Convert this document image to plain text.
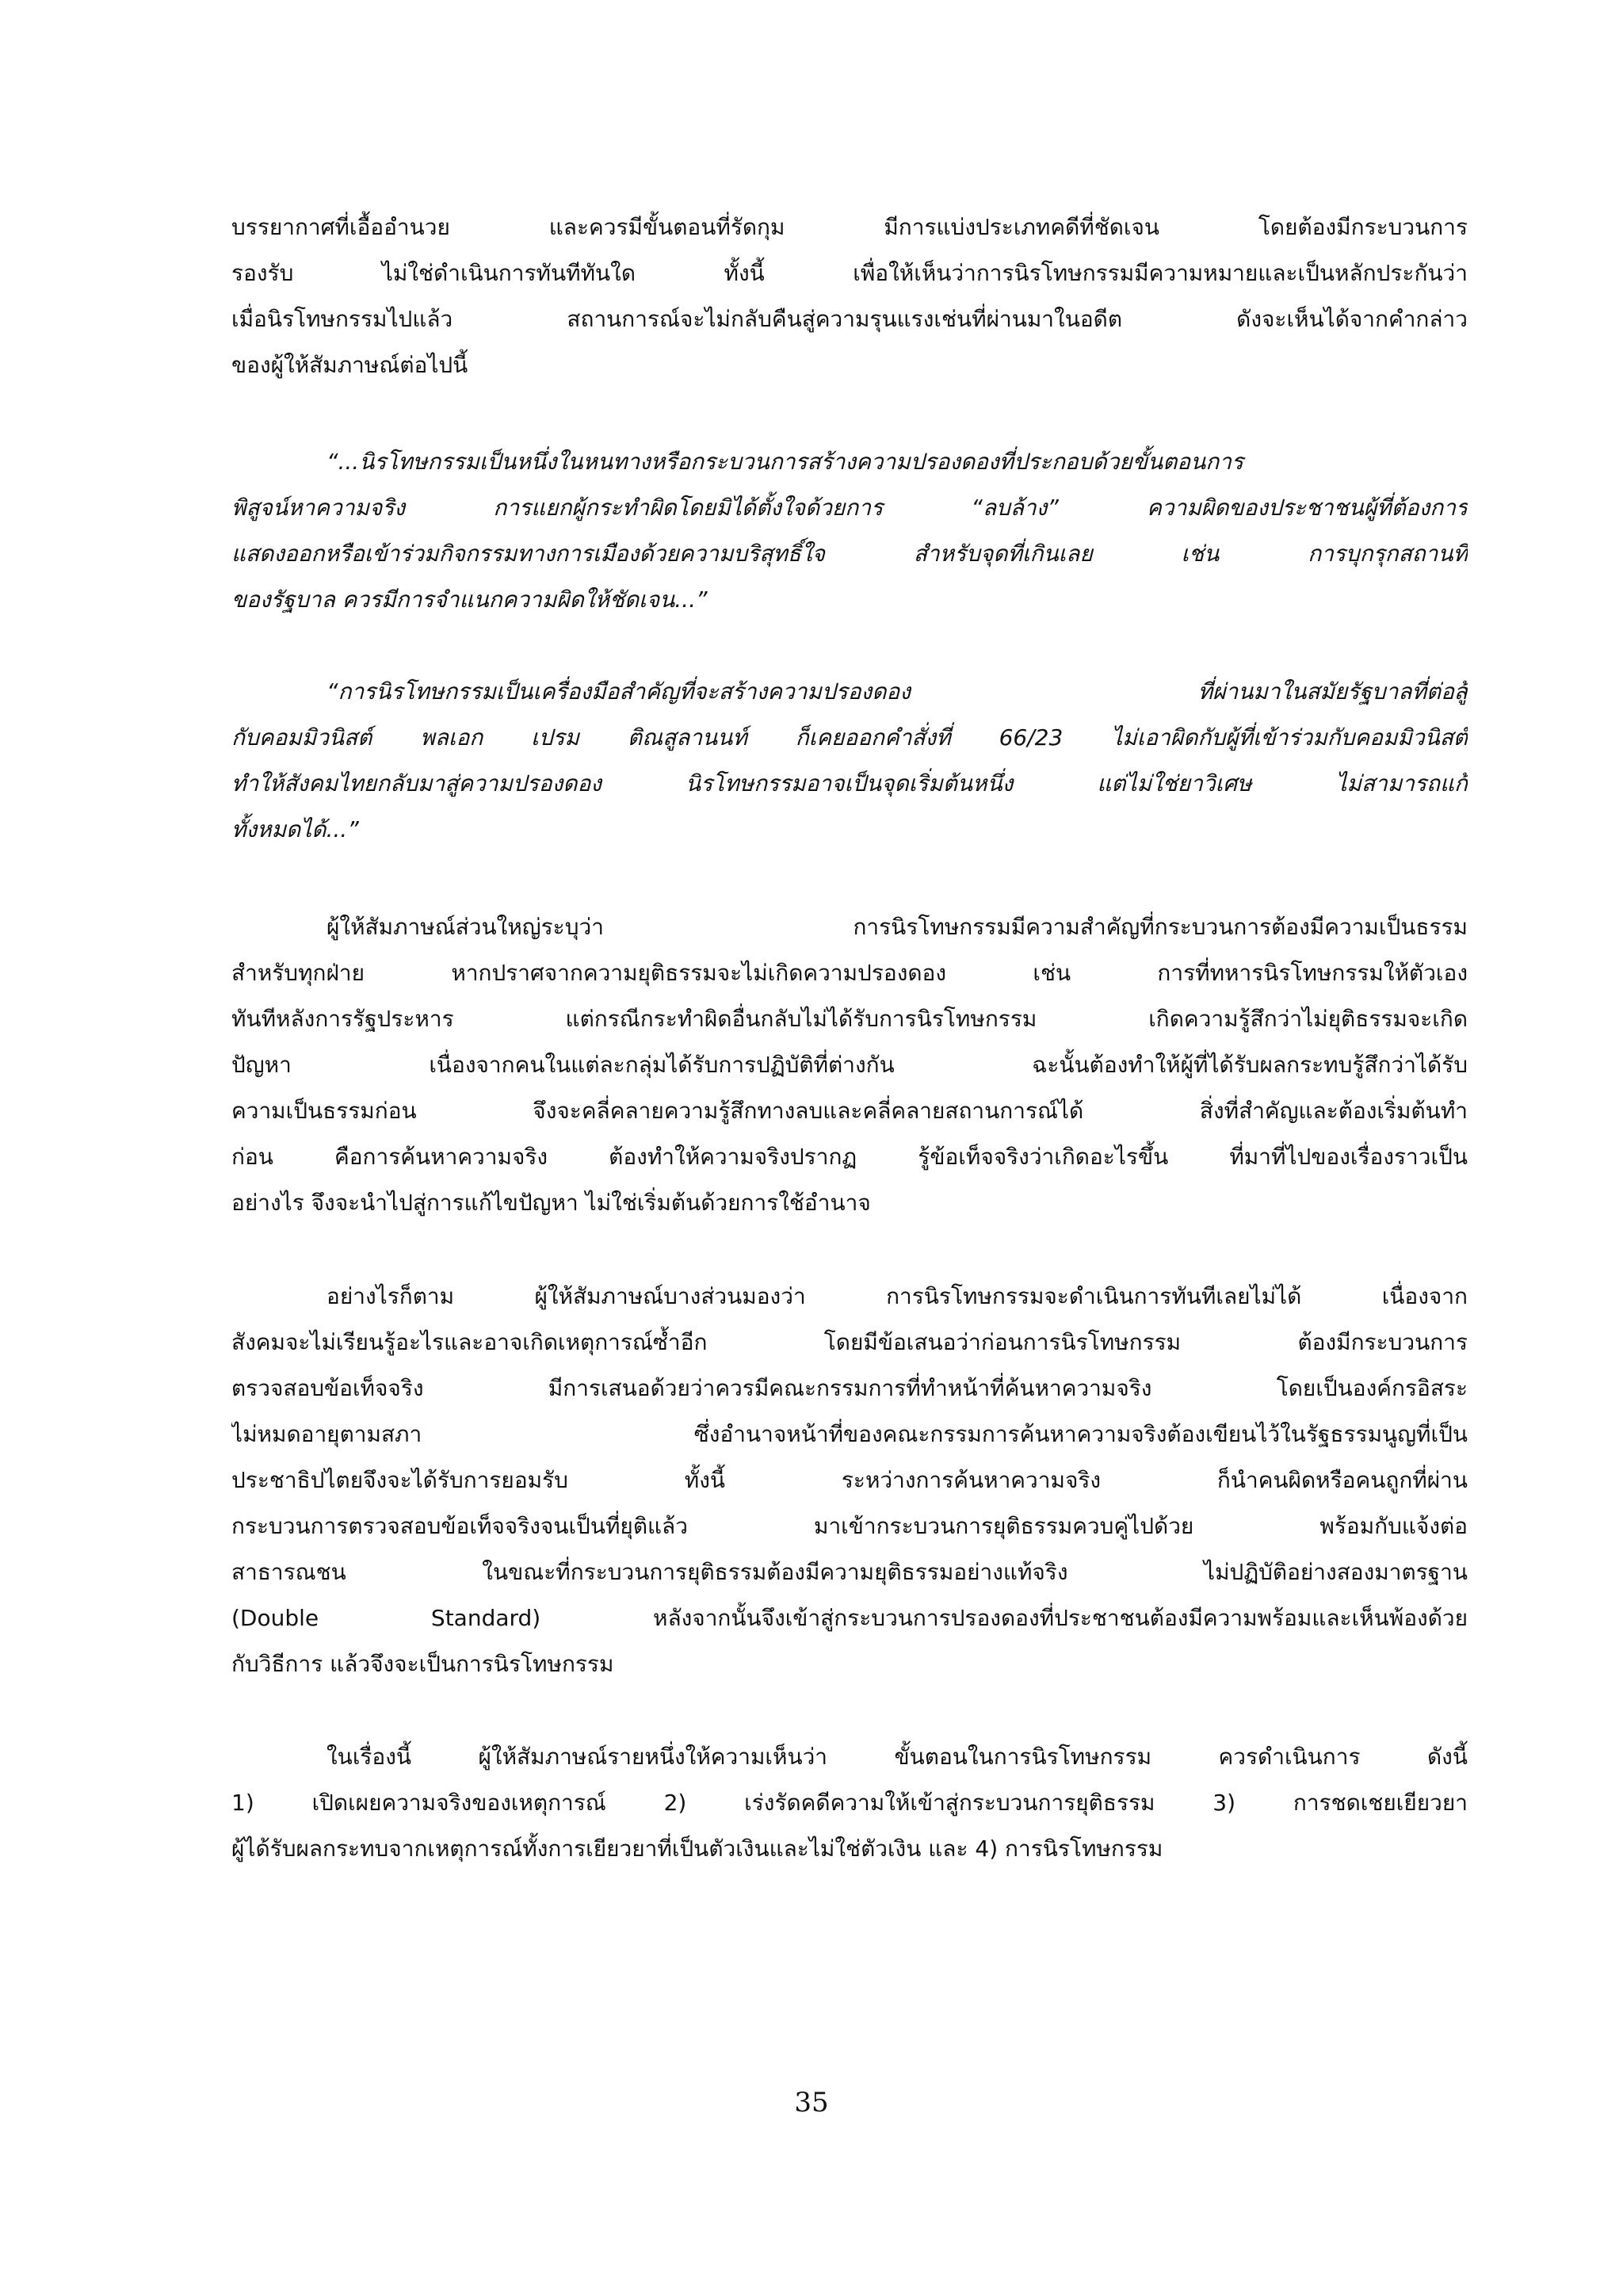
บรรยากาศที่เอื้ออำนวย และควรมีขั้นตอนที่รัดกุม มีการแบ่งประเภทคดีที่ชัดเจน โดยต้องมีกระบวนการ

รองรับ ไม่ใช่ดำเนินการทันทีทันใด ทั้งนี้ เพื่อให้เห็นว่าการนิรโทษกรรมมีความหมายและเป็นหลักประกันว่า

เมื่อนิรโทษกรรมไปแล้ว สถานการณ์จะไม่กลับคืนสู่ความรุนแรงเช่นที่ผ่านมาในอดีต ดังจะเห็นได้จากคำกล่าว

ของผู้ให้สัมภาษณ์ต่อไปนี้

“...นิรโทษกรรมเป็นหนึ่งในหนทางหรือกระบวนการสร้างความปรองดองที่ประกอบด้วยขั้นตอนการ

พิสูจน์หาความจริง การแยกผู้กระทำผิดโดยมิได้ตั้งใจด้วยการ “ลบล้าง” ความผิดของประชาชนผู้ที่ต้องการ

แสดงออกหรือเข้าร่วมกิจกรรมทางการเมืองด้วยความบริสุทธิ์ใจ สำหรับจุดที่เกินเลย เช่น การบุกรุกสถานที่

ของรัฐบาล ควรมีการจำแนกความผิดให้ชัดเจน...”

“การนิรโทษกรรมเป็นเครื่องมือสำคัญที่จะสร้างความปรองดอง ที่ผ่านมาในสมัยรัฐบาลที่ต่อสู้

กับคอมมิวนิสต์ พลเอก เปรม ติณสูลานนท์ ก็เคยออกคำสั่งที่ 66/23 ไม่เอาผิดกับผู้ที่เข้าร่วมกับคอมมิวนิสต์

ทำให้สังคมไทยกลับมาสู่ความปรองดอง นิรโทษกรรมอาจเป็นจุดเริ่มต้นหนึ่ง แต่ไม่ใช่ยาวิเศษ ไม่สามารถแก้

ทั้งหมดได้...”

ผู้ให้สัมภาษณ์ส่วนใหญ่ระบุว่า การนิรโทษกรรมมีความสำคัญที่กระบวนการต้องมีความเป็นธรรม

สำหรับทุกฝ่าย หากปราศจากความยุติธรรมจะไม่เกิดความปรองดอง เช่น การที่ทหารนิรโทษกรรมให้ตัวเอง

ทันทีหลังการรัฐประหาร แต่กรณีกระทำผิดอื่นกลับไม่ได้รับการนิรโทษกรรม เกิดความรู้สึกว่าไม่ยุติธรรมจะเกิด

ปัญหา เนื่องจากคนในแต่ละกลุ่มได้รับการปฏิบัติที่ต่างกัน ฉะนั้นต้องทำให้ผู้ที่ได้รับผลกระทบรู้สึกว่าได้รับ

ความเป็นธรรมก่อน จึงจะคลี่คลายความรู้สึกทางลบและคลี่คลายสถานการณ์ได้ สิ่งที่สำคัญและต้องเริ่มต้นทำ

ก่อน คือการค้นหาความจริง ต้องทำให้ความจริงปรากฏ รู้ข้อเท็จจริงว่าเกิดอะไรขึ้น ที่มาที่ไปของเรื่องราวเป็น

อย่างไร จึงจะนำไปสู่การแก้ไขปัญหา ไม่ใช่เริ่มต้นด้วยการใช้อำนาจ

อย่างไรก็ตาม ผู้ให้สัมภาษณ์บางส่วนมองว่า การนิรโทษกรรมจะดำเนินการทันทีเลยไม่ได้ เนื่องจาก

สังคมจะไม่เรียนรู้อะไรและอาจเกิดเหตุการณ์ซ้ำอีก โดยมีข้อเสนอว่าก่อนการนิรโทษกรรม ต้องมีกระบวนการ

ตรวจสอบข้อเท็จจริง มีการเสนอด้วยว่าควรมีคณะกรรมการที่ทำหน้าที่ค้นหาความจริง โดยเป็นองค์กรอิสระ

ไม่หมดอายุตามสภา ซึ่งอำนาจหน้าที่ของคณะกรรมการค้นหาความจริงต้องเขียนไว้ในรัฐธรรมนูญที่เป็น

ประชาธิปไตยจึงจะได้รับการยอมรับ ทั้งนี้ ระหว่างการค้นหาความจริง ก็นำคนผิดหรือคนถูกที่ผ่าน

กระบวนการตรวจสอบข้อเท็จจริงจนเป็นที่ยุติแล้ว มาเข้ากระบวนการยุติธรรมควบคู่ไปด้วย พร้อมกับแจ้งต่อ

สาธารณชน ในขณะที่กระบวนการยุติธรรมต้องมีความยุติธรรมอย่างแท้จริง ไม่ปฏิบัติอย่างสองมาตรฐาน

(Double Standard) หลังจากนั้นจึงเข้าสู่กระบวนการปรองดองที่ประชาชนต้องมีความพร้อมและเห็นพ้องด้วย

กับวิธีการ แล้วจึงจะเป็นการนิรโทษกรรม

ในเรื่องนี้ ผู้ให้สัมภาษณ์รายหนึ่งให้ความเห็นว่า ขั้นตอนในการนิรโทษกรรม ควรดำเนินการ ดังนี้

1) เปิดเผยความจริงของเหตุการณ์ 2) เร่งรัดคดีความให้เข้าสู่กระบวนการยุติธรรม 3) การชดเชยเยียวยา

ผู้ได้รับผลกระทบจากเหตุการณ์ทั้งการเยียวยาที่เป็นตัวเงินและไม่ใช่ตัวเงิน และ 4) การนิรโทษกรรม

35
